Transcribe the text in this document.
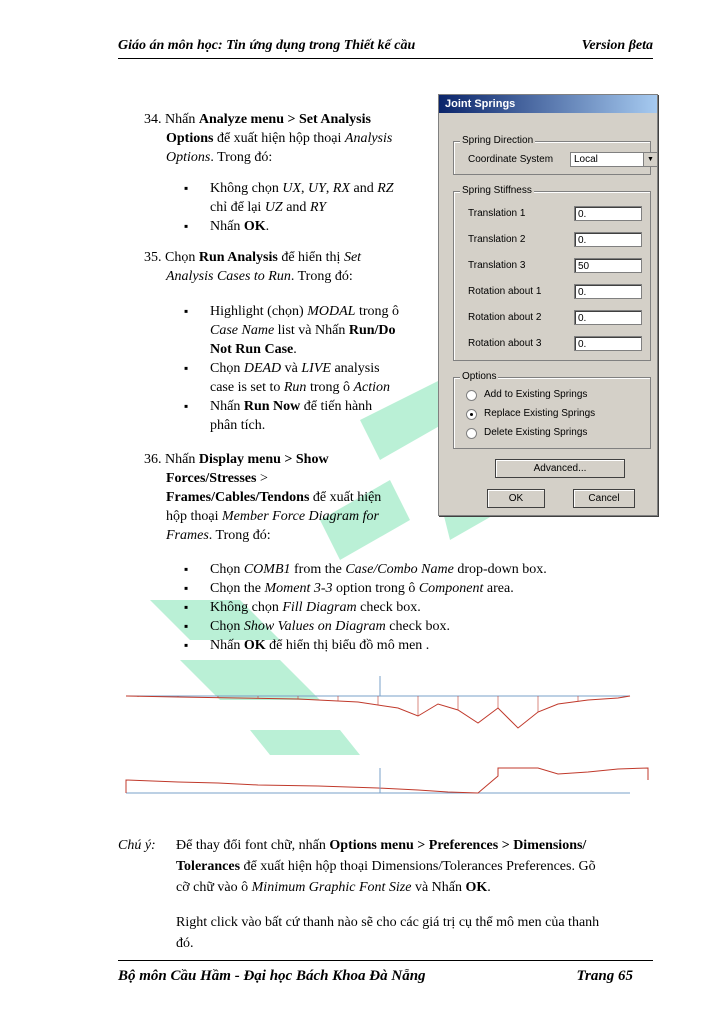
Giáo án môn học: Tin ứng dụng trong Thiết kế cầu	Version βeta
34. Nhấn Analyze menu > Set Analysis
Options để xuất hiện hộp thoại Analysis
Options. Trong đó:
▪ Không chọn UX, UY, RX and RZ
chỉ để lại UZ and RY
▪ Nhấn OK.
35. Chọn Run Analysis để hiển thị Set
Analysis Cases to Run. Trong đó:
▪ Highlight (chọn) MODAL trong ô
Case Name list và Nhấn Run/Do
Not Run Case.
▪ Chọn DEAD và LIVE analysis
case is set to Run trong ô Action
▪ Nhấn Run Now để tiến hành
phân tích.
36. Nhấn Display menu > Show
Forces/Stresses >
Frames/Cables/Tendons để xuất hiện
hộp thoại Member Force Diagram for
Frames. Trong đó:
▪ Chọn COMB1 from the Case/Combo Name drop-down box.
▪ Chọn the Moment 3-3 option trong ô Component area.
▪ Không chọn Fill Diagram check box.
▪ Chọn Show Values on Diagram check box.
▪ Nhấn OK để hiển thị biểu đồ mô men .
Chú ý: Để thay đổi font chữ, nhấn Options menu > Preferences > Dimensions/
Tolerances để xuất hiện hộp thoại Dimensions/Tolerances Preferences. Gõ
cỡ chữ vào ô Minimum Graphic Font Size và Nhấn OK.
Right click vào bất cứ thanh nào sẽ cho các giá trị cụ thể mô men của thanh
đó.
Bộ môn Cầu Hầm - Đại học Bách Khoa Đà Nẵng	Trang 65
Joint Springs
Spring Direction
Coordinate System	Local	▼
Spring Stiffness
Translation 1	0.
Translation 2	0.
Translation 3	50
Rotation about 1	0.
Rotation about 2	0.
Rotation about 3	0.
Options
Add to Existing Springs
Replace Existing Springs
Delete Existing Springs
Advanced...
OK	Cancel
